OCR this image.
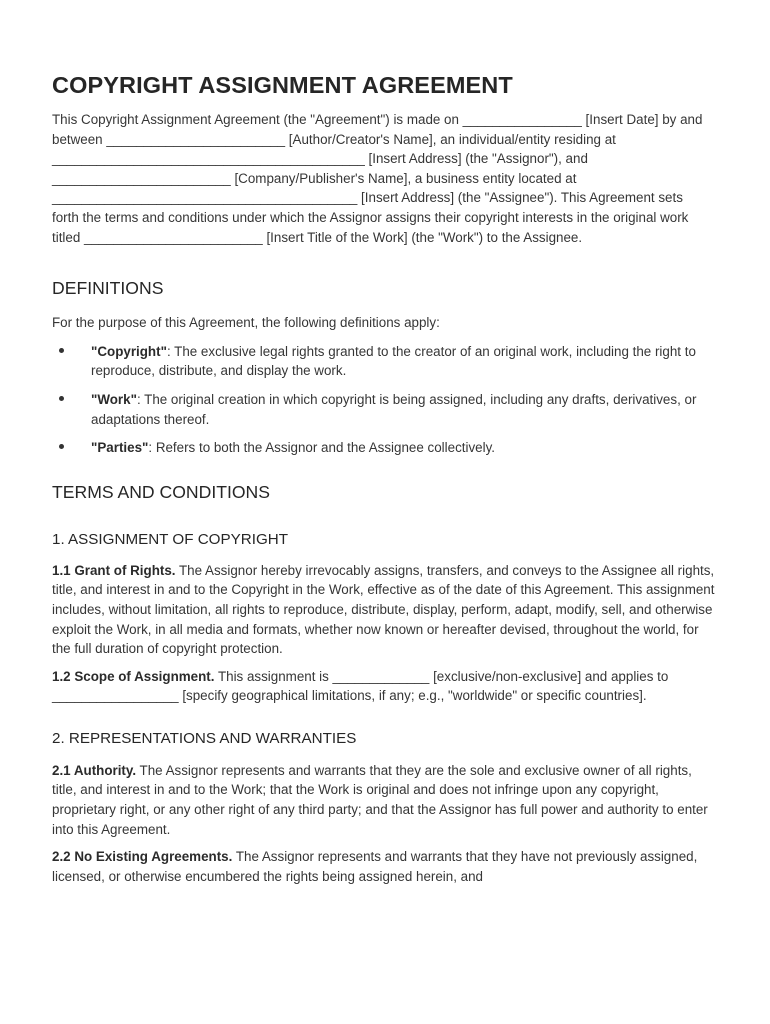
COPYRIGHT ASSIGNMENT AGREEMENT

This Copyright Assignment Agreement (the "Agreement") is made on ________________ [Insert Date] by and between ________________________ [Author/Creator's Name], an individual/entity residing at __________________________________________ [Insert Address] (the "Assignor"), and ________________________ [Company/Publisher's Name], a business entity located at _________________________________________ [Insert Address] (the "Assignee"). This Agreement sets forth the terms and conditions under which the Assignor assigns their copyright interests in the original work titled ________________________ [Insert Title of the Work] (the "Work") to the Assignee.

DEFINITIONS

For the purpose of this Agreement, the following definitions apply:

"Copyright": The exclusive legal rights granted to the creator of an original work, including the right to reproduce, distribute, and display the work.

"Work": The original creation in which copyright is being assigned, including any drafts, derivatives, or adaptations thereof.

"Parties": Refers to both the Assignor and the Assignee collectively.

TERMS AND CONDITIONS
1. ASSIGNMENT OF COPYRIGHT

1.1 Grant of Rights. The Assignor hereby irrevocably assigns, transfers, and conveys to the Assignee all rights, title, and interest in and to the Copyright in the Work, effective as of the date of this Agreement. This assignment includes, without limitation, all rights to reproduce, distribute, display, perform, adapt, modify, sell, and otherwise exploit the Work, in all media and formats, whether now known or hereafter devised, throughout the world, for the full duration of copyright protection.

1.2 Scope of Assignment. This assignment is _____________ [exclusive/non-exclusive] and applies to _________________ [specify geographical limitations, if any; e.g., "worldwide" or specific countries].

2. REPRESENTATIONS AND WARRANTIES

2.1 Authority. The Assignor represents and warrants that they are the sole and exclusive owner of all rights, title, and interest in and to the Work; that the Work is original and does not infringe upon any copyright, proprietary right, or any other right of any third party; and that the Assignor has full power and authority to enter into this Agreement.

2.2 No Existing Agreements. The Assignor represents and warrants that they have not previously assigned, licensed, or otherwise encumbered the rights being assigned herein, and
